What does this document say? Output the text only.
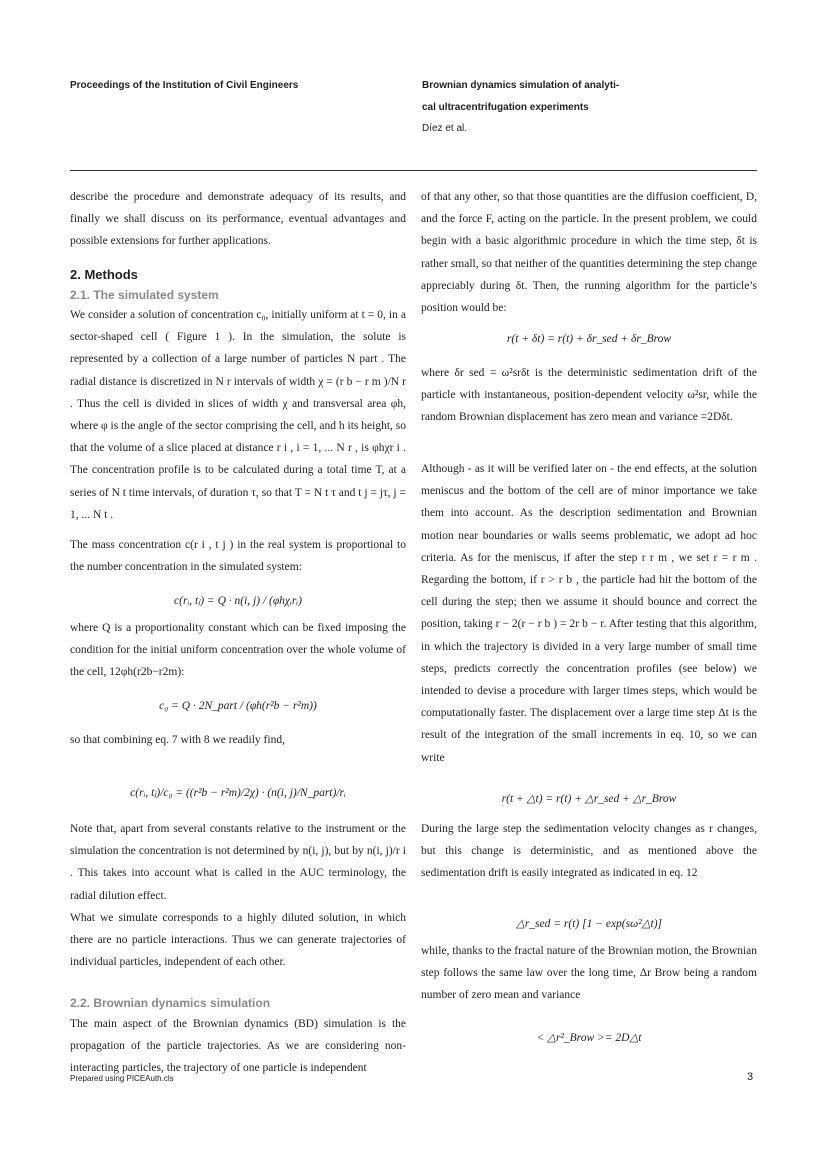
Proceedings of the Institution of Civil Engineers	Brownian dynamics simulation of analyti-
cal ultracentrifugation experiments
Díez et al.
describe the procedure and demonstrate adequacy of its results, and finally we shall discuss on its performance, eventual advantages and possible extensions for further applications.
2. Methods
2.1. The simulated system
We consider a solution of concentration c₀, initially uniform at t = 0, in a sector-shaped cell ( Figure 1 ). In the simulation, the solute is represented by a collection of a large number of particles N part . The radial distance is discretized in N r intervals of width χ = (r b − r m )/N r . Thus the cell is divided in slices of width χ and transversal area φh, where φ is the angle of the sector comprising the cell, and h its height, so that the volume of a slice placed at distance r i , i = 1, ... N r , is φhχr i . The concentration profile is to be calculated during a total time T, at a series of N t time intervals, of duration τ, so that T = N t τ and t j = jτ, j = 1, ... N t .
The mass concentration c(r i , t j ) in the real system is proportional to the number concentration in the simulated system:
c(rᵢ, tⱼ) = Q · n(i, j) / (φhχᵢrᵢ)
where Q is a proportionality constant which can be fixed imposing the condition for the initial uniform concentration over the whole volume of the cell, 12φh(r2b−r2m):
c₀ = Q · 2N_part / (φh(r²b − r²m))
so that combining eq. 7 with 8 we readily find,
c(rᵢ, tⱼ)/c₀ = ((r²b − r²m)/2χ) · (n(i, j)/N_part)/rᵢ
Note that, apart from several constants relative to the instrument or the simulation the concentration is not determined by n(i, j), but by n(i, j)/r i . This takes into account what is called in the AUC terminology, the radial dilution effect.
What we simulate corresponds to a highly diluted solution, in which there are no particle interactions. Thus we can generate trajectories of individual particles, independent of each other.
2.2. Brownian dynamics simulation
The main aspect of the Brownian dynamics (BD) simulation is the propagation of the particle trajectories. As we are considering non-interacting particles, the trajectory of one particle is independent
of that any other, so that those quantities are the diffusion coefficient, D, and the force F, acting on the particle. In the present problem, we could begin with a basic algorithmic procedure in which the time step, δt is rather small, so that neither of the quantities determining the step change appreciably during δt. Then, the running algorithm for the particle’s position would be:
r(t + δt) = r(t) + δr_sed + δr_Brow
where δr sed = ω²srδt is the deterministic sedimentation drift of the particle with instantaneous, position-dependent velocity ω²sr, while the random Brownian displacement has zero mean and variance =2Dδt.
Although - as it will be verified later on - the end effects, at the solution meniscus and the bottom of the cell are of minor importance we take them into account. As the description sedimentation and Brownian motion near boundaries or walls seems problematic, we adopt ad hoc criteria. As for the meniscus, if after the step r r m , we set r = r m . Regarding the bottom, if r > r b , the particle had hit the bottom of the cell during the step; then we assume it should bounce and correct the position, taking r − 2(r − r b ) = 2r b − r. After testing that this algorithm, in which the trajectory is divided in a very large number of small time steps, predicts correctly the concentration profiles (see below) we intended to devise a procedure with larger times steps, which would be computationally faster. The displacement over a large time step Δt is the result of the integration of the small increments in eq. 10, so we can write
r(t + △t) = r(t) + △r_sed + △r_Brow
During the large step the sedimentation velocity changes as r changes, but this change is deterministic, and as mentioned above the sedimentation drift is easily integrated as indicated in eq. 12
△r_sed = r(t) [1 − exp(sω²△t)]
while, thanks to the fractal nature of the Brownian motion, the Brownian step follows the same law over the long time, Δr Brow being a random number of zero mean and variance
< △r²_Brow >= 2D△t
Prepared using PICEAuth.cls	3
